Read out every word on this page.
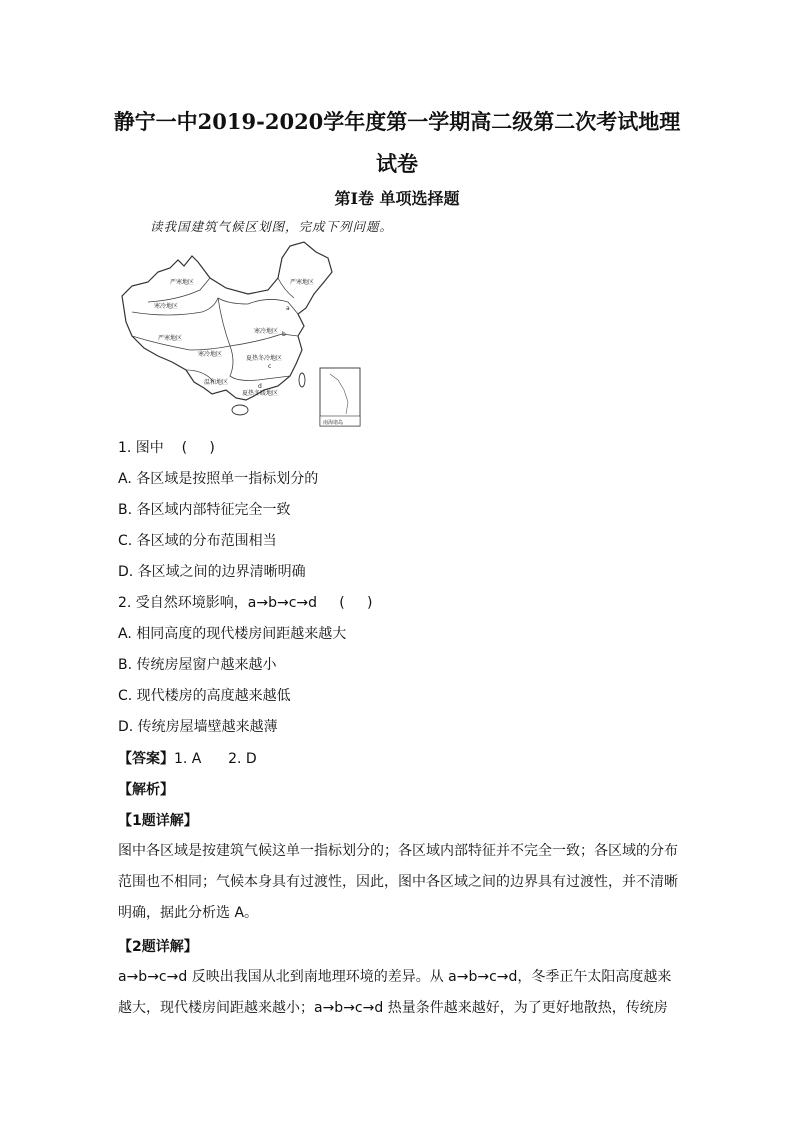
静宁一中2019-2020学年度第一学期高二级第二次考试地理
试卷
第Ⅰ卷 单项选择题
读我国建筑气候区划图，完成下列问题。
严寒地区	严寒地区
寒冷地区
严寒地区
寒冷地区
寒冷地区
夏热冬冷地区
温和地区
夏热冬暖地区
a
b
c
d
南海诸岛
1. 图中    (     )
A. 各区域是按照单一指标划分的
B. 各区域内部特征完全一致
C. 各区域的分布范围相当
D. 各区域之间的边界清晰明确
2. 受自然环境影响，a→b→c→d     (     )
A. 相同高度的现代楼房间距越来越大
B. 传统房屋窗户越来越小
C. 现代楼房的高度越来越低
D. 传统房屋墙壁越来越薄
【答案】1. A      2. D
【解析】
【1题详解】
图中各区域是按建筑气候这单一指标划分的；各区域内部特征并不完全一致；各区域的分布范围也不相同；气候本身具有过渡性，因此，图中各区域之间的边界具有过渡性，并不清晰明确，据此分析选 A。
【2题详解】
a→b→c→d 反映出我国从北到南地理环境的差异。从 a→b→c→d，冬季正午太阳高度越来越大，现代楼房间距越来越小；a→b→c→d 热量条件越来越好，为了更好地散热，传统房
